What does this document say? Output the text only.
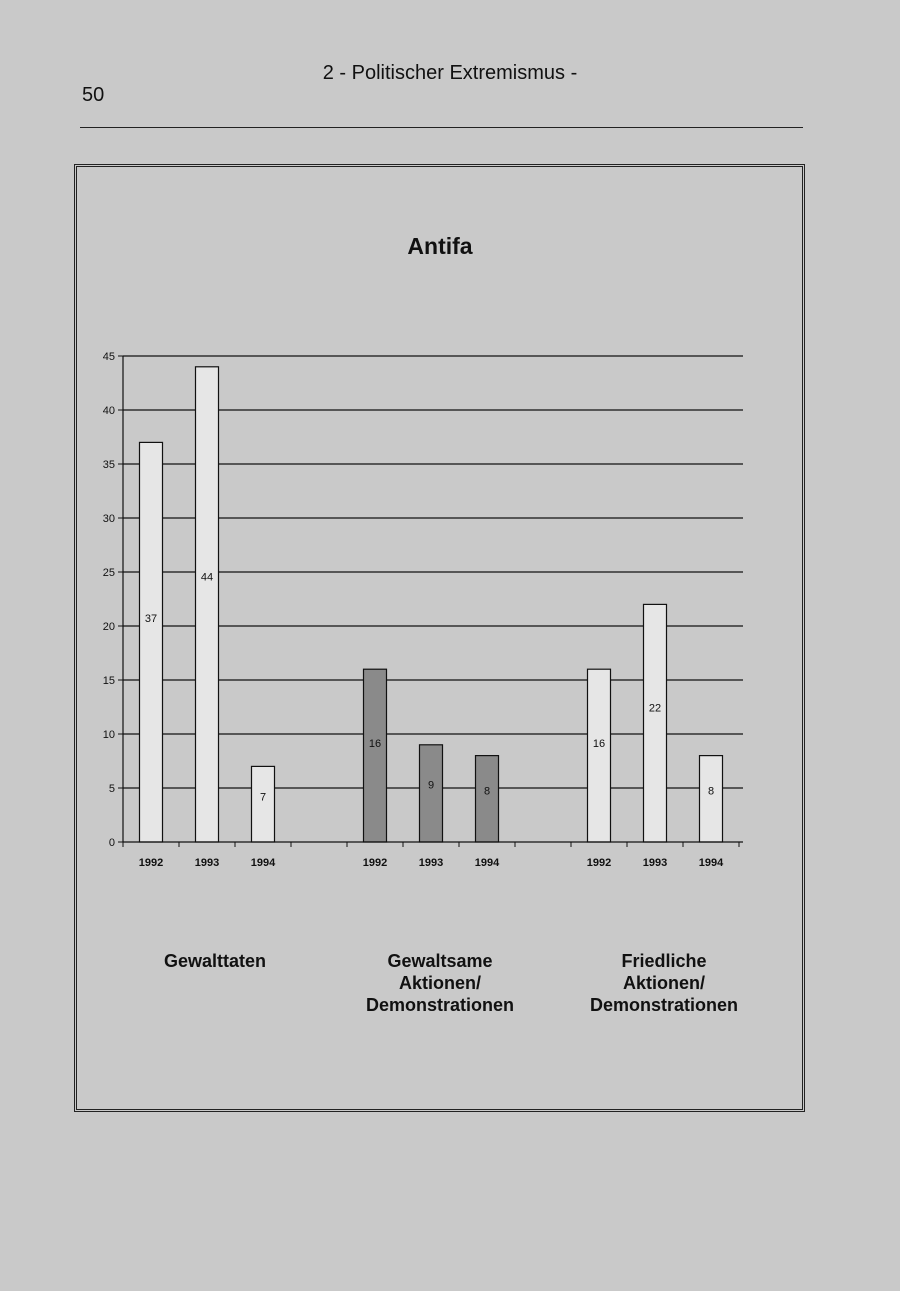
50
2 - Politischer Extremismus -
Antifa
37
44
7
16
9	8
16
22
8
0
5
10
15
20
25
30
35
40
45
1992	1993	1994	1992	1993	1994	1992	1993	1994
Gewalttaten	Gewaltsame
Aktionen/
Demonstrationen
Friedliche
Aktionen/
Demonstrationen
